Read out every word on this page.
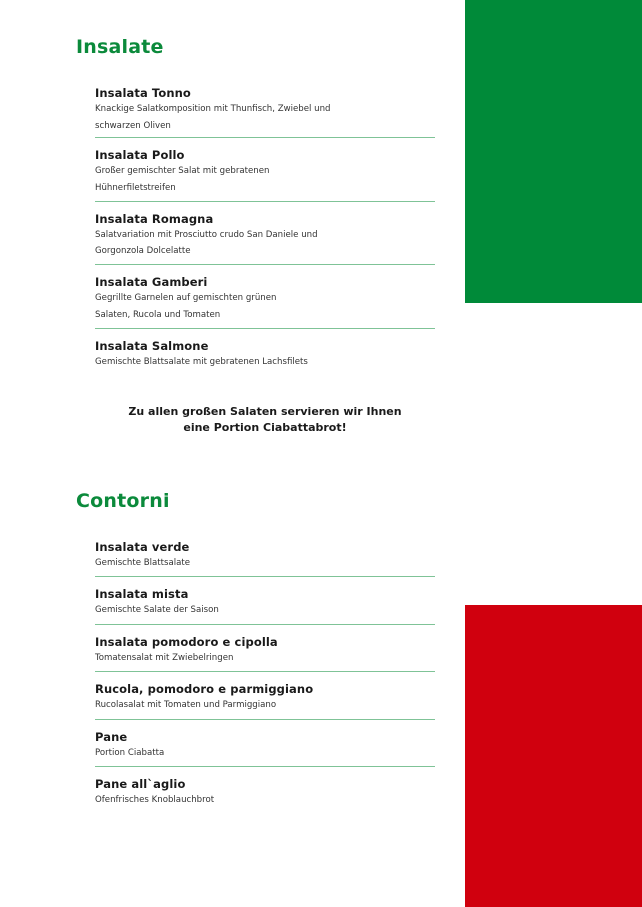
Insalate
Insalata Tonno
Knackige Salatkomposition mit Thunfisch, Zwiebel und schwarzen Oliven
Insalata Pollo
Großer gemischter Salat mit gebratenen Hühnerfiletstreifen
Insalata Romagna
Salatvariation mit Prosciutto crudo San Daniele und Gorgonzola Dolcelatte
Insalata Gamberi
Gegrillte Garnelen auf gemischten grünen Salaten, Rucola und Tomaten
Insalata Salmone
Gemischte Blattsalate mit gebratenen Lachsfilets
Zu allen großen Salaten servieren wir Ihnen
eine Portion Ciabattabrot!
Contorni
Insalata verde
Gemischte Blattsalate
Insalata mista
Gemischte Salate der Saison
Insalata pomodoro e cipolla
Tomatensalat mit Zwiebelringen
Rucola, pomodoro e parmiggiano
Rucolasalat mit Tomaten und Parmiggiano
Pane
Portion Ciabatta
Pane all`aglio
Ofenfrisches Knoblauchbrot
